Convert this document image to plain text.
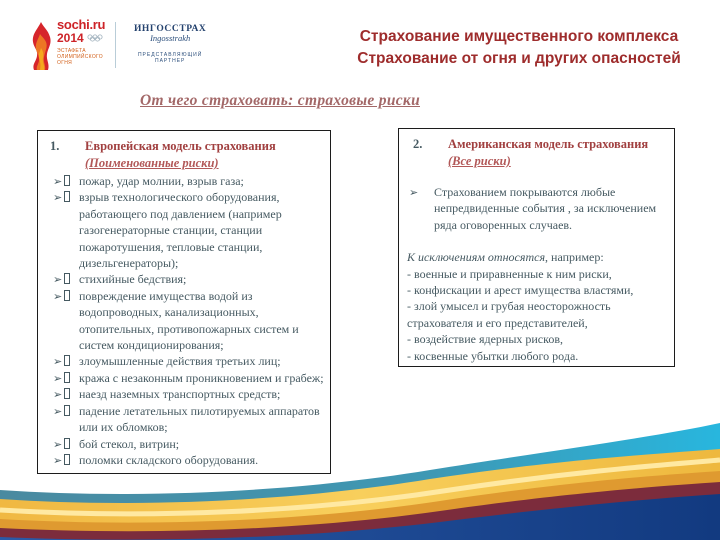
sochi.ru
2014
ЭСТАФЕТА
ОЛИМПИЙСКОГО
ОГНЯ
ИНГОССТРАХ
Ingosstrakh
ПРЕДСТАВЛЯЮЩИЙ
ПАРТНЕР
Страхование имущественного комплекса
Страхование от огня и других опасностей
От чего страховать: страховые риски
1.	Европейская модель страхования
(Поименованные риски)
➢	пожар, удар молнии, взрыв газа;
➢	взрыв технологического оборудования, работающего под давлением (например газогенераторные станции, станции пожаротушения, тепловые станции, дизельгенераторы);
➢	стихийные бедствия;
➢	повреждение имущества водой из водопроводных, канализационных, отопительных, противопожарных систем и систем кондиционирования;
➢	злоумышленные действия третьих лиц;
➢	кража с незаконным проникновением и грабеж;
➢	наезд наземных транспортных средств;
➢	падение летательных пилотируемых аппаратов или их обломков;
➢	бой стекол, витрин;
➢	поломки складского оборудования.
2.	Американская модель страхования
(Все риски)
➢ Страхованием покрываются любые непредвиденные события , за исключением ряда оговоренных случаев.
К исключениям относятся, например:
- военные и приравненные к ним риски,
- конфискации и арест имущества властями,
- злой умысел и грубая неосторожность страхователя и его представителей,
- воздействие ядерных рисков,
- косвенные убытки любого рода.
